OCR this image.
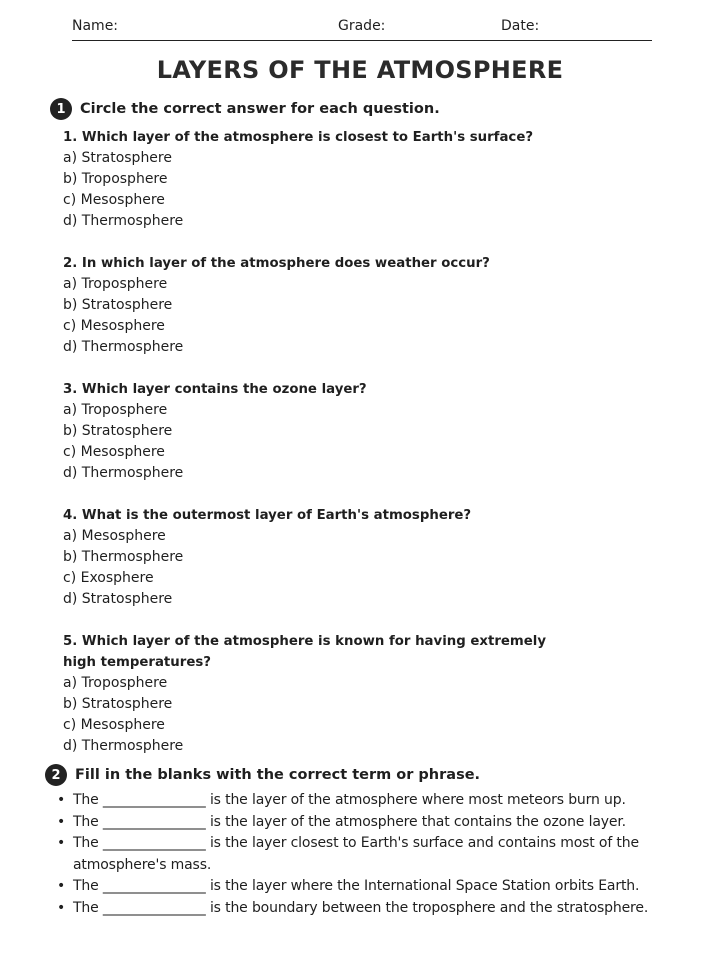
Name:	Grade:	Date:
LAYERS OF THE ATMOSPHERE
1 Circle the correct answer for each question.
1. Which layer of the atmosphere is closest to Earth's surface?
a) Stratosphere
b) Troposphere
c) Mesosphere
d) Thermosphere
2. In which layer of the atmosphere does weather occur?
a) Troposphere
b) Stratosphere
c) Mesosphere
d) Thermosphere
3. Which layer contains the ozone layer?
a) Troposphere
b) Stratosphere
c) Mesosphere
d) Thermosphere
4. What is the outermost layer of Earth's atmosphere?
a) Mesosphere
b) Thermosphere
c) Exosphere
d) Stratosphere
5. Which layer of the atmosphere is known for having extremely high temperatures?
a) Troposphere
b) Stratosphere
c) Mesosphere
d) Thermosphere
2 Fill in the blanks with the correct term or phrase.
• The _______________ is the layer of the atmosphere where most meteors burn up.
• The _______________ is the layer of the atmosphere that contains the ozone layer.
• The _______________ is the layer closest to Earth's surface and contains most of the atmosphere's mass.
• The _______________ is the layer where the International Space Station orbits Earth.
• The _______________ is the boundary between the troposphere and the stratosphere.
